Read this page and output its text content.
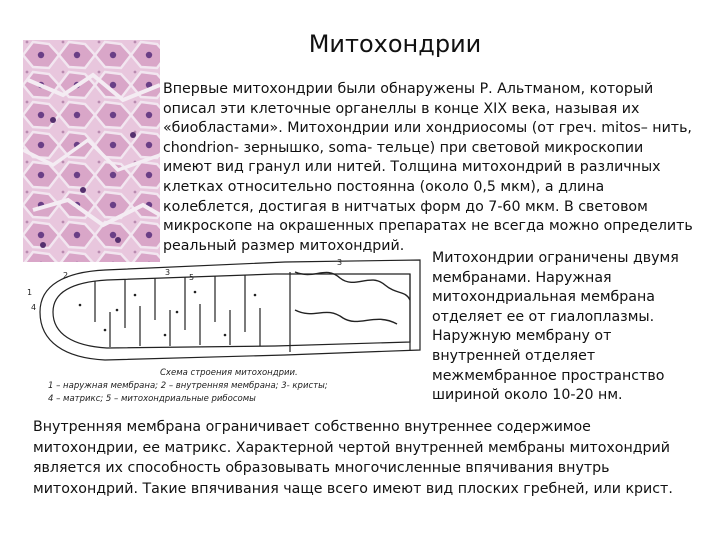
Митохондрии

Впервые митохондрии были обнаружены Р. Альтманом, который описал эти клеточные органеллы в конце XIX века, называя их «биобластами». Митохондрии или хондриосомы (от греч. mitos– нить, chondrion- зернышко, soma- тельце) при световой микроскопии имеют вид гранул или нитей. Толщина митохондрий в различных клетках относительно постоянна (около 0,5 мкм), а длина колеблется, достигая в нитчатых форм до 7-60 мкм. В световом микроскопе на окрашенных препаратах не всегда можно определить реальный размер митохондрий.

1
2	3
4
5
3
Схема строения митохондрии.
1 – наружная мембрана; 2 – внутренняя мембрана; 3- кристы;
4 – матрикс; 5 – митохондриальные рибосомы

Митохондрии ограничены двумя мембранами. Наружная митохондриальная мембрана отделяет ее от гиалоплазмы. Наружную мембрану от внутренней отделяет межмембранное пространство шириной около 10-20 нм.

Внутренняя мембрана ограничивает собственно внутреннее содержимое митохондрии, ее матрикс. Характерной чертой внутренней мембраны митохондрий является их способность образовывать многочисленные впячивания внутрь митохондрий. Такие впячивания чаще всего имеют вид плоских гребней, или крист.
